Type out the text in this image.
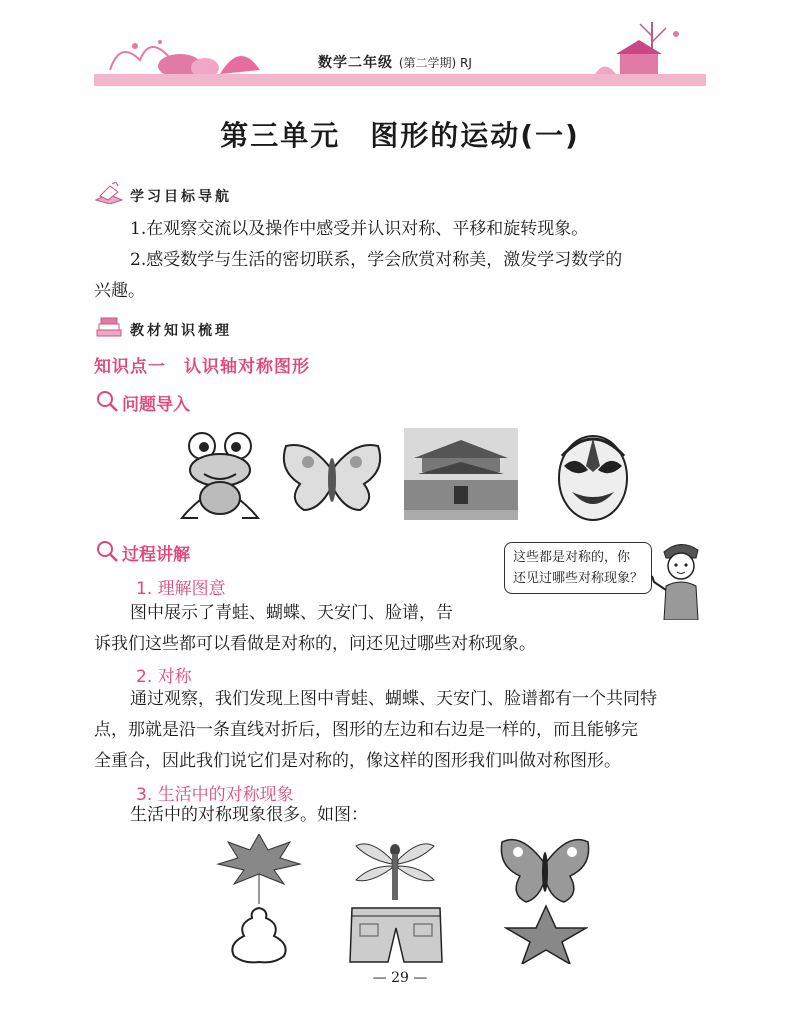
数学二年级 (第二学期) RJ
第三单元　图形的运动(一)
学习目标导航
1.在观察交流以及操作中感受并认识对称、平移和旋转现象。
2.感受数学与生活的密切联系，学会欣赏对称美，激发学习数学的
兴趣。
教材知识梳理
知识点一　认识轴对称图形
问题导入
过程讲解	这些都是对称的，你
还见过哪些对称现象？
1. 理解图意
图中展示了青蛙、蝴蝶、天安门、脸谱，告
诉我们这些都可以看做是对称的，问还见过哪些对称现象。
2. 对称
通过观察，我们发现上图中青蛙、蝴蝶、天安门、脸谱都有一个共同特
点，那就是沿一条直线对折后，图形的左边和右边是一样的，而且能够完
全重合，因此我们说它们是对称的，像这样的图形我们叫做对称图形。
3. 生活中的对称现象
生活中的对称现象很多。如图：
— 29 —
